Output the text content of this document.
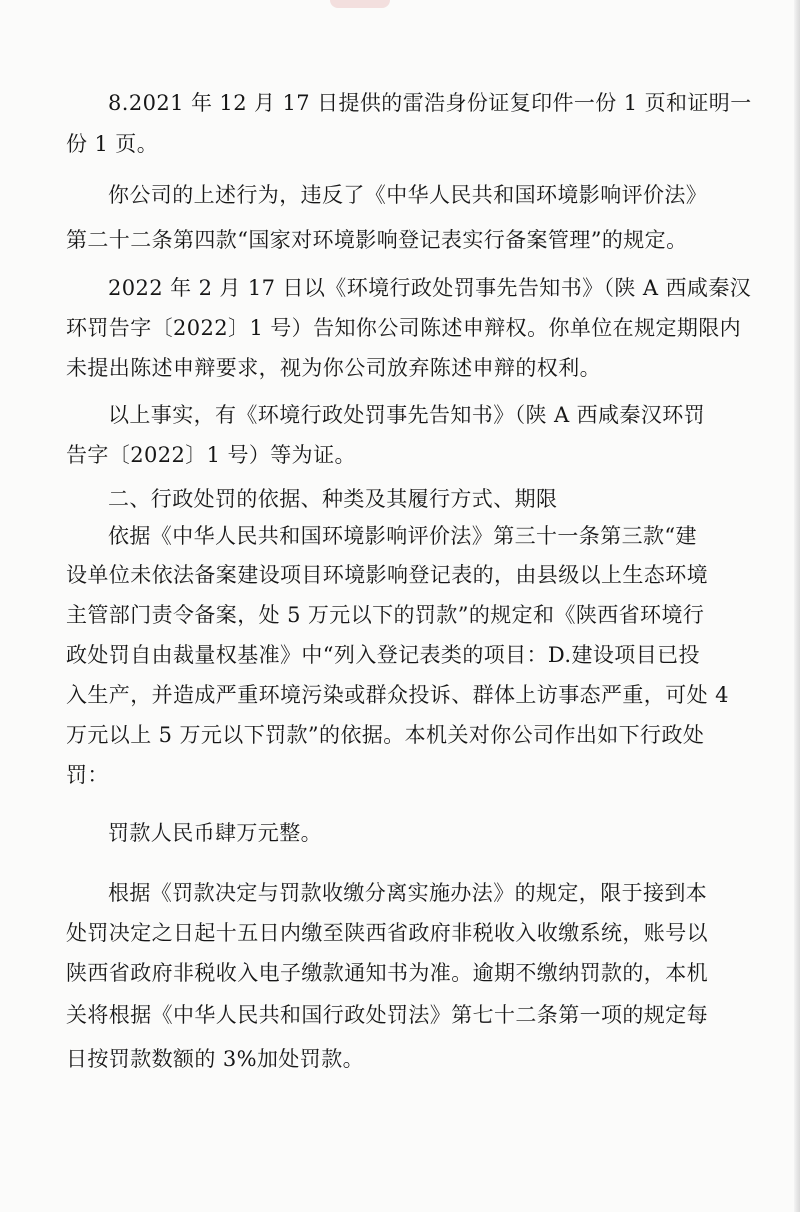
8.2021 年 12 月 17 日提供的雷浩身份证复印件一份 1 页和证明一
份 1 页。
你公司的上述行为，违反了《中华人民共和国环境影响评价法》
第二十二条第四款“国家对环境影响登记表实行备案管理”的规定。
2022 年 2 月 17 日以《环境行政处罚事先告知书》（陕 A 西咸秦汉
环罚告字〔2022〕1 号）告知你公司陈述申辩权。你单位在规定期限内
未提出陈述申辩要求，视为你公司放弃陈述申辩的权利。
以上事实，有《环境行政处罚事先告知书》（陕 A 西咸秦汉环罚
告字〔2022〕1 号）等为证。
二、行政处罚的依据、种类及其履行方式、期限
依据《中华人民共和国环境影响评价法》第三十一条第三款“建
设单位未依法备案建设项目环境影响登记表的，由县级以上生态环境
主管部门责令备案，处 5 万元以下的罚款”的规定和《陕西省环境行
政处罚自由裁量权基准》中“列入登记表类的项目：D.建设项目已投
入生产，并造成严重环境污染或群众投诉、群体上访事态严重，可处 4
万元以上 5 万元以下罚款”的依据。本机关对你公司作出如下行政处
罚：
罚款人民币肆万元整。
根据《罚款决定与罚款收缴分离实施办法》的规定，限于接到本
处罚决定之日起十五日内缴至陕西省政府非税收入收缴系统，账号以
陕西省政府非税收入电子缴款通知书为准。逾期不缴纳罚款的，本机
关将根据《中华人民共和国行政处罚法》第七十二条第一项的规定每
日按罚款数额的 3%加处罚款。
